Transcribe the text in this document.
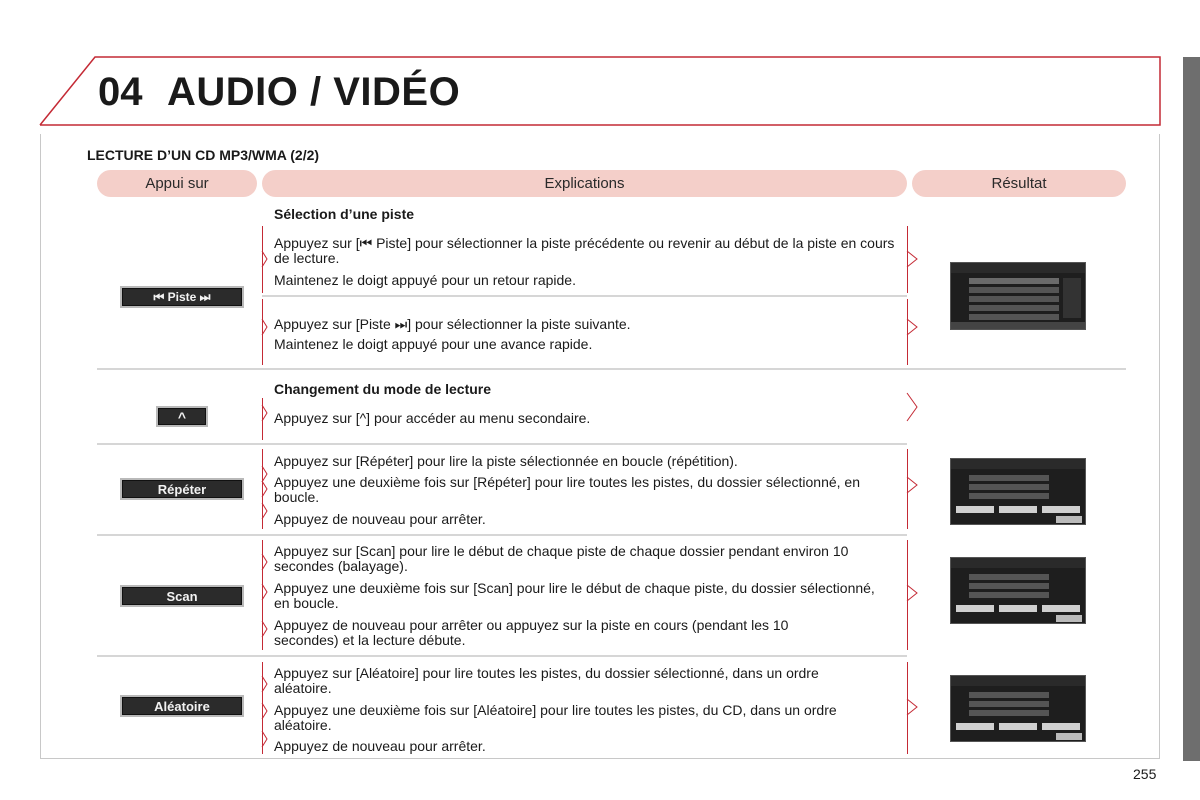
04 AUDIO / VIDÉO
LECTURE D’UN CD MP3/WMA (2/2)
Appui sur	Explications	Résultat
Sélection d’une piste
Appuyez sur [⏮ Piste] pour sélectionner la piste précédente ou revenir au début de la piste en cours de lecture.
Maintenez le doigt appuyé pour un retour rapide.
Appuyez sur [Piste ⏭] pour sélectionner la piste suivante.
Maintenez le doigt appuyé pour une avance rapide.
⏮ Piste ⏭
Changement du mode de lecture
Appuyez sur [^] pour accéder au menu secondaire.
^
Appuyez sur [Répéter] pour lire la piste sélectionnée en boucle (répétition).
Appuyez une deuxième fois sur [Répéter] pour lire toutes les pistes, du dossier sélectionné, en boucle.
Appuyez de nouveau pour arrêter.
Répéter
Appuyez sur [Scan] pour lire le début de chaque piste de chaque dossier pendant environ 10 secondes (balayage).
Appuyez une deuxième fois sur [Scan] pour lire le début de chaque piste, du dossier sélectionné, en boucle.
Appuyez de nouveau pour arrêter ou appuyez sur la piste en cours (pendant les 10 secondes) et la lecture débute.
Scan
Appuyez sur [Aléatoire] pour lire toutes les pistes, du dossier sélectionné, dans un ordre aléatoire.
Appuyez une deuxième fois sur [Aléatoire] pour lire toutes les pistes, du CD, dans un ordre aléatoire.
Appuyez de nouveau pour arrêter.
Aléatoire
255
